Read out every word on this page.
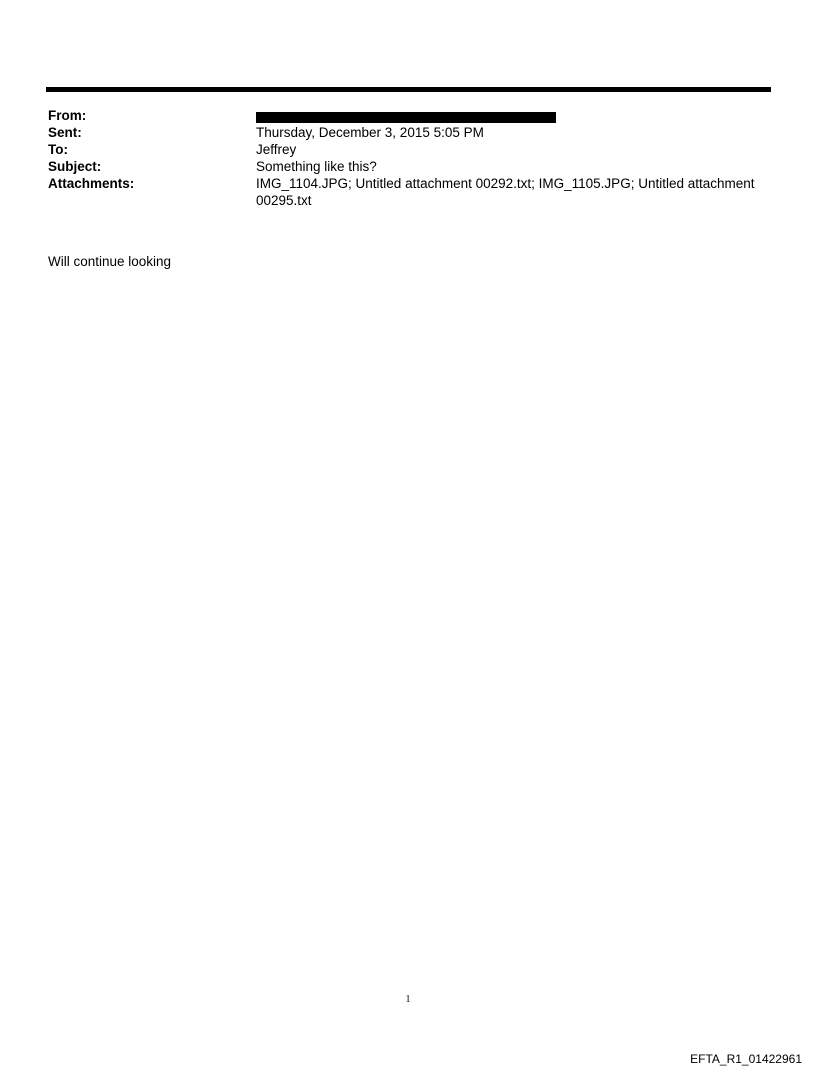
From:
Sent:	Thursday, December 3, 2015 5:05 PM
To:	Jeffrey
Subject:	Something like this?
Attachments:	IMG_1104.JPG; Untitled attachment 00292.txt; IMG_1105.JPG; Untitled attachment 00295.txt
Will continue looking
1
EFTA_R1_01422961
